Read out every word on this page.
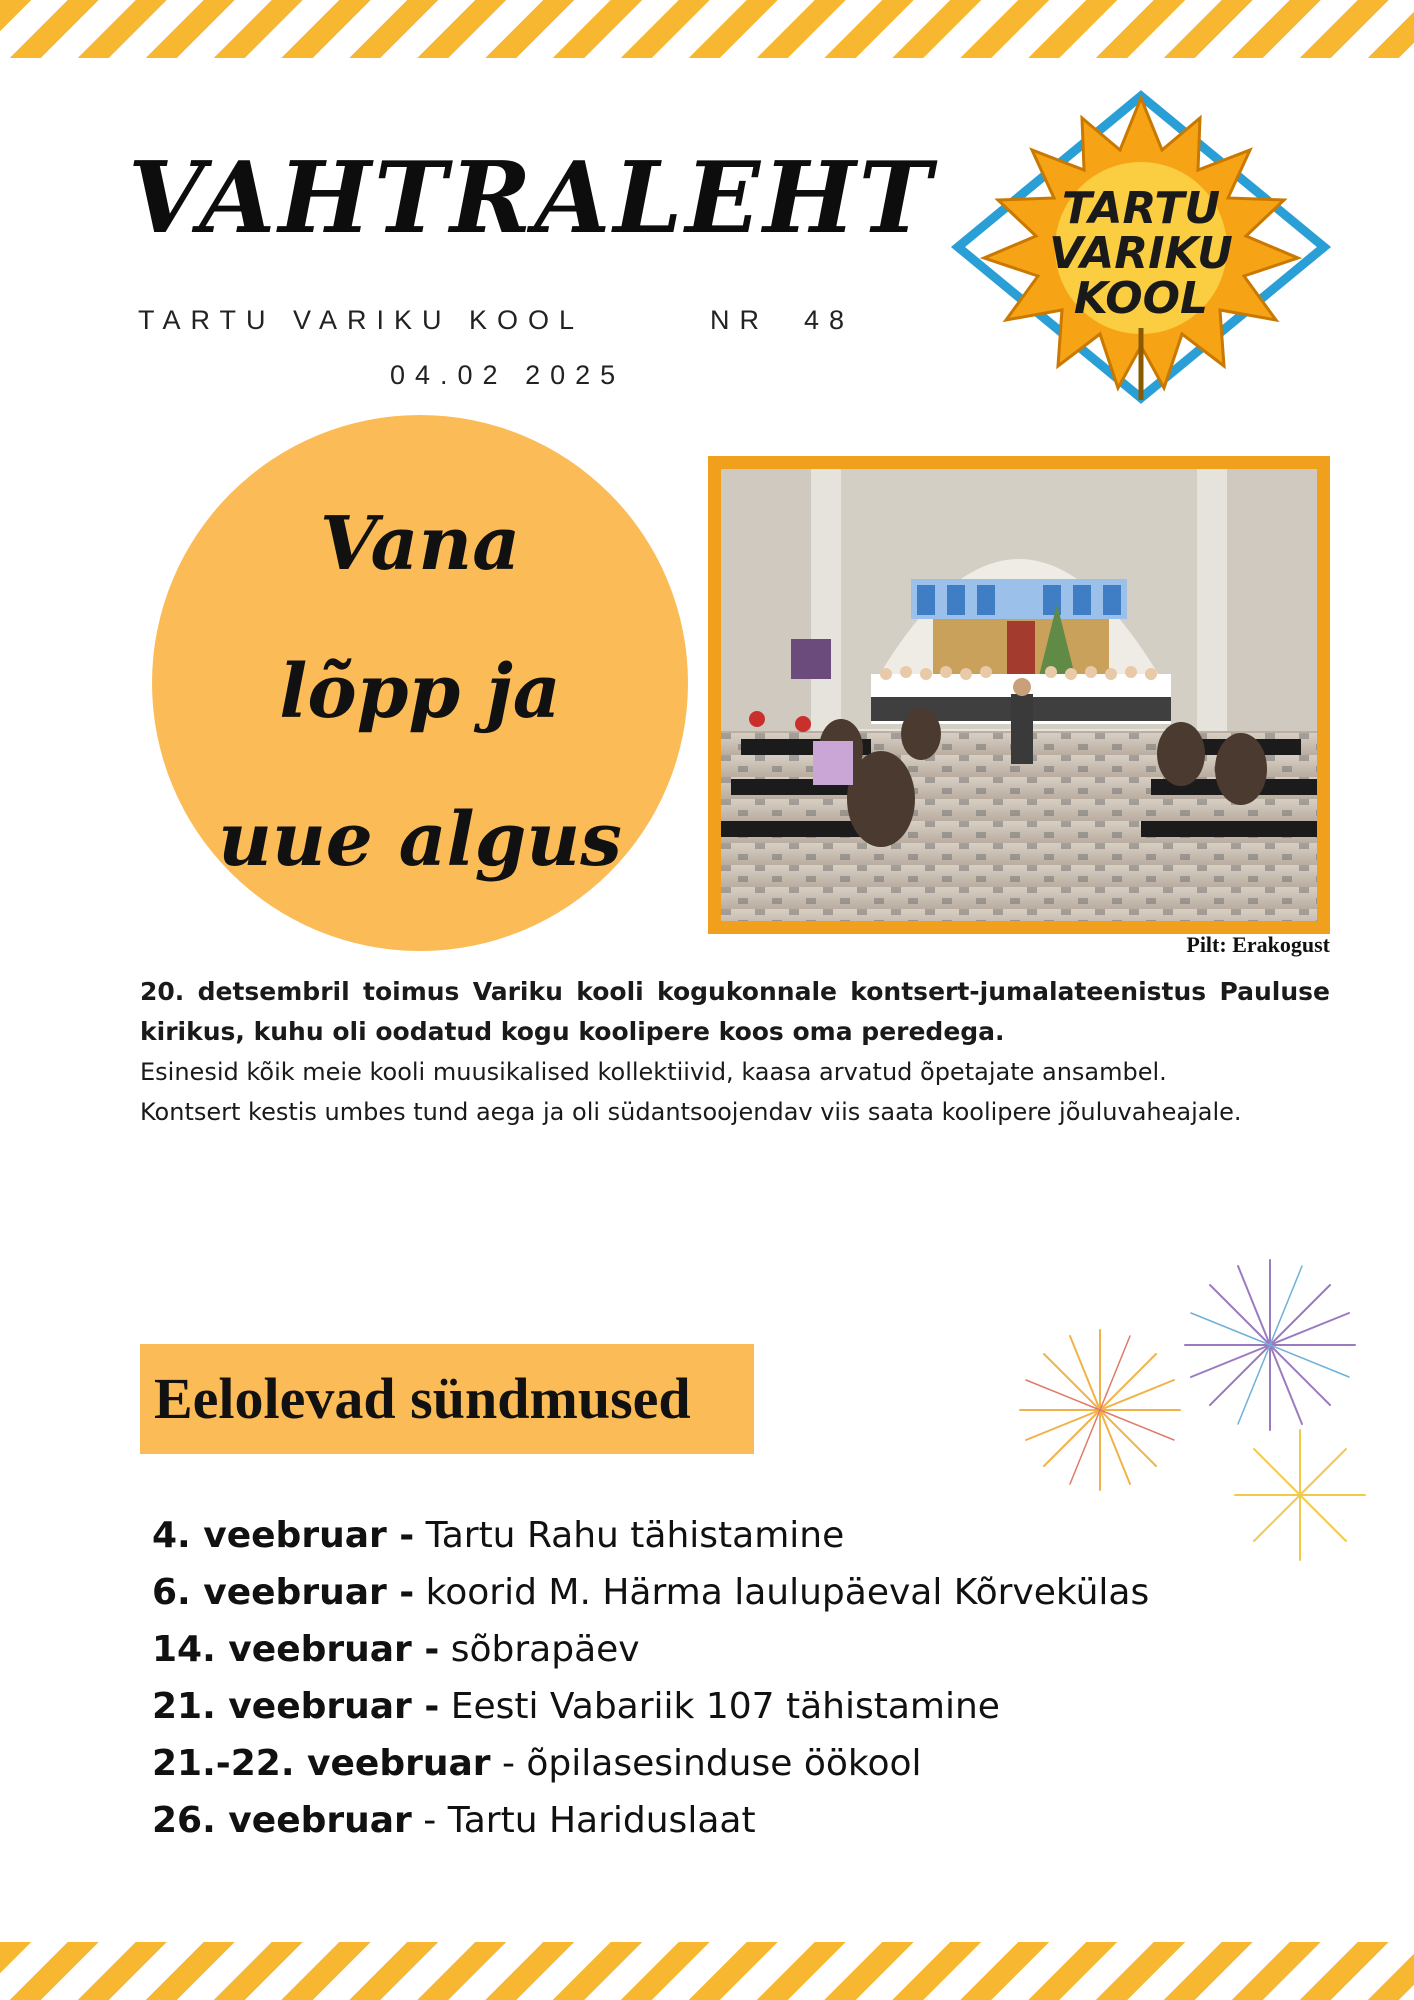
VAHTRALEHT
TARTU VARIKU KOOL	NR  48
04.02 2025
TARTU
VARIKU
KOOL
Vana
lõpp ja
uue algus
Pilt: Erakogust

20. detsembril toimus Variku kooli kogukonnale kontsert-jumalateenistus Pauluse kirikus, kuhu oli oodatud kogu koolipere koos oma peredega.

Esinesid kõik meie kooli muusikalised kollektiivid, kaasa arvatud õpetajate ansambel.

Kontsert kestis umbes tund aega ja oli südantsoojendav viis saata koolipere jõuluvaheajale.

Eelolevad sündmused
4. veebruar - Tartu Rahu tähistamine
6. veebruar - koorid M. Härma laulupäeval Kõrvekülas
14. veebruar - sõbrapäev
21. veebruar - Eesti Vabariik 107 tähistamine
21.-22. veebruar - õpilasesinduse öökool
26. veebruar - Tartu Hariduslaat
